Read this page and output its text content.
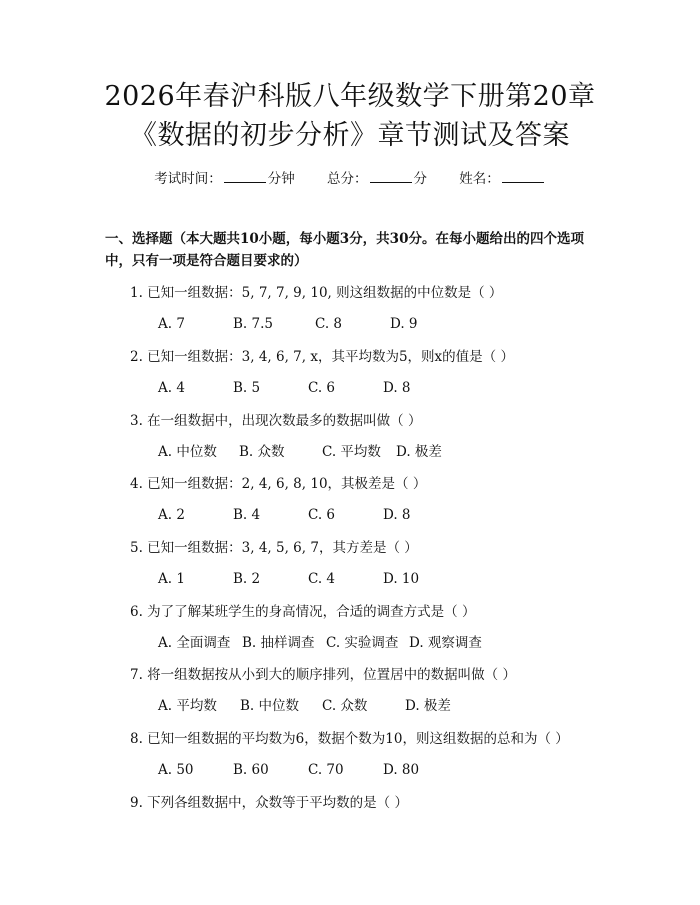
2026年春沪科版八年级数学下册第20章
《数据的初步分析》章节测试及答案
考试时间：	分钟 总分：	分 姓名：
一、选择题（本大题共10小题，每小题3分，共30分。在每小题给出的四个选项中，只有一项是符合题目要求的）
1. 已知一组数据：5, 7, 7, 9, 10, 则这组数据的中位数是（ ）
A. 7	B. 7.5	C. 8	D. 9
2. 已知一组数据：3, 4, 6, 7, x，其平均数为5，则x的值是（ ）
A. 4	B. 5	C. 6	D. 8
3. 在一组数据中，出现次数最多的数据叫做（ ）
A. 中位数 B. 众数	C. 平均数 D. 极差
4. 已知一组数据：2, 4, 6, 8, 10，其极差是（ ）
A. 2	B. 4	C. 6	D. 8
5. 已知一组数据：3, 4, 5, 6, 7，其方差是（ ）
A. 1	B. 2	C. 4	D. 10
6. 为了了解某班学生的身高情况，合适的调查方式是（ ）
A. 全面调查 B. 抽样调查 C. 实验调查 D. 观察调查
7. 将一组数据按从小到大的顺序排列，位置居中的数据叫做（ ）
A. 平均数 B. 中位数 C. 众数	D. 极差
8. 已知一组数据的平均数为6，数据个数为10，则这组数据的总和为（ ）
A. 50	B. 60	C. 70	D. 80
9. 下列各组数据中，众数等于平均数的是（ ）
